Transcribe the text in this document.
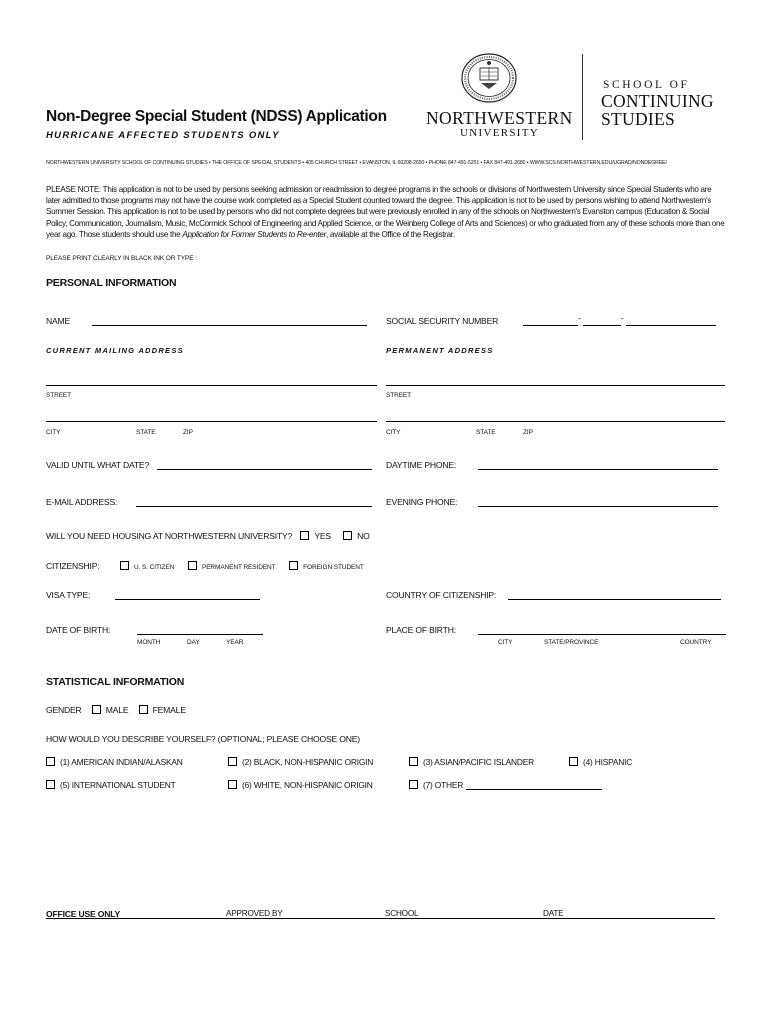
Non-Degree Special Student (NDSS) Application
HURRICANE AFFECTED STUDENTS ONLY
NORTHWESTERN
UNIVERSITY
SCHOOL OF
CONTINUING
STUDIES
NORTHWESTERN UNIVERSITY SCHOOL OF CONTINUING STUDIES • THE OFFICE OF SPECIAL STUDENTS • 405 CHURCH STREET • EVANSTON, IL 60208-2650 • PHONE 847-491-5251 • FAX 847-491-2680 • WWW.SCS.NORTHWESTERN.EDU/UGRAD/NONDEGREE/
PLEASE NOTE: This application is not to be used by persons seeking admission or readmission to degree programs in the schools or divisions of Northwestern University since Special Students who are later admitted to those programs may not have the course work completed as a Special Student counted toward the degree. This application is not to be used by persons wishing to attend Northwestern's Summer Session. This application is not to be used by persons who did not complete degrees but were previously enrolled in any of the schools on Northwestern's Evanston campus (Education & Social Policy, Communication, Journalism, Music, McCormick School of Engineering and Applied Science, or the Weinberg College of Arts and Sciences) or who graduated from any of these schools more than one year ago. Those students should use the Application for Former Students to Re-enter, available at the Office of the Registrar.
PLEASE PRINT CLEARLY IN BLACK INK OR TYPE :
PERSONAL INFORMATION
NAME	SOCIAL SECURITY NUMBER	-	-
CURRENT MAILING ADDRESS	PERMANENT ADDRESS
STREET	STREET
CITY	STATE	ZIP	CITY	STATE	ZIP
VALID UNTIL WHAT DATE?	DAYTIME PHONE:
E-MAIL ADDRESS:	EVENING PHONE:
WILL YOU NEED HOUSING AT NORTHWESTERN UNIVERSITY?	YES	NO
CITIZENSHIP:	U. S. CITIZEN	PERMANENT RESIDENT	FOREIGN STUDENT
VISA TYPE:	COUNTRY OF CITIZENSHIP:
DATE OF BIRTH:
MONTH	DAY	YEAR
PLACE OF BIRTH:
CITY	STATE/PROVINCE	COUNTRY
STATISTICAL INFORMATION
GENDER	MALE	FEMALE
HOW WOULD YOU DESCRIBE YOURSELF? (OPTIONAL; PLEASE CHOOSE ONE)
(1) AMERICAN INDIAN/ALASKAN	(2) BLACK, NON-HISPANIC ORIGIN	(3) ASIAN/PACIFIC ISLANDER	(4) HISPANIC
(5) INTERNATIONAL STUDENT	(6) WHITE, NON-HISPANIC ORIGIN	(7) OTHER
OFFICE USE ONLY	APPROVED BY	SCHOOL	DATE
